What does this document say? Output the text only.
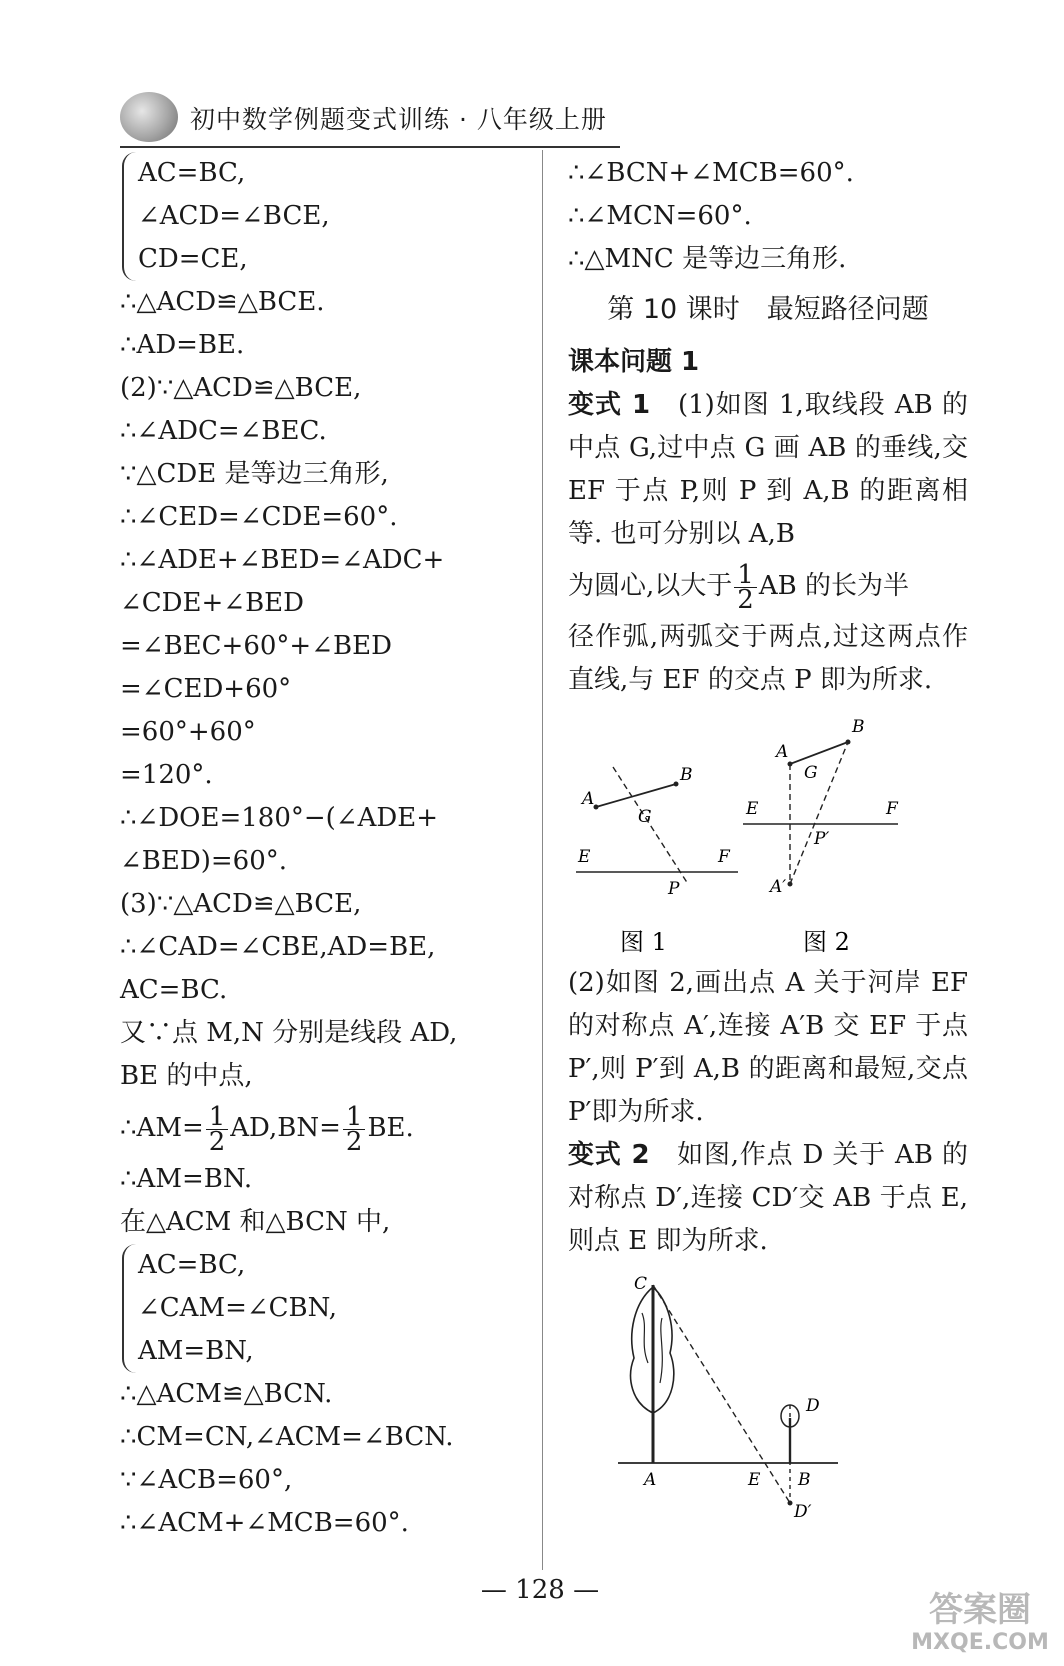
初中数学例题变式训练 · 八年级上册
AC=BC,
∠ACD=∠BCE,
CD=CE,
∴△ACD≌△BCE.
∴AD=BE.
(2)∵△ACD≌△BCE,
∴∠ADC=∠BEC.
∵△CDE 是等边三角形,
∴∠CED=∠CDE=60°.
∴∠ADE+∠BED=∠ADC+
∠CDE+∠BED
=∠BEC+60°+∠BED
=∠CED+60°
=60°+60°
=120°.
∴∠DOE=180°−(∠ADE+
∠BED)=60°.
(3)∵△ACD≌△BCE,
∴∠CAD=∠CBE,AD=BE,
AC=BC.
又∵点 M,N 分别是线段 AD,
BE 的中点,
∴AM= $\frac{1}{2} AD,BN= \frac{1}{2}$ BE.
∴AM=BN.
在△ACM 和△BCN 中,
AC=BC,
∠CAM=∠CBN,
AM=BN,
∴△ACM≌△BCN.
∴CM=CN,∠ACM=∠BCN.
∵∠ACB=60°,
∴∠ACM+∠MCB=60°.
∴∠BCN+∠MCB=60°.
∴∠MCN=60°.
∴△MNC 是等边三角形.
第 10 课时　最短路径问题
课本问题 1
变式 1　(1)如图 1,取线段 AB 的中点 G,过中点 G 画 AB 的垂线,交 EF 于点 P,则 P 到 A,B 的距离相等. 也可分别以 A,B
为圆心,以大于 $\frac{1}{2}$ AB 的长为半
径作弧,两弧交于两点,过这两点作直线,与 EF 的交点 P 即为所求.
A
B
G
E	F
P
图 1
A
B
G
E	F
P′
A′
图 2
(2)如图 2,画出点 A 关于河岸 EF 的对称点 A′,连接 A′B 交 EF 于点 P′,则 P′到 A,B 的距离和最短,交点 P′即为所求.
变式 2　如图,作点 D 关于 AB 的对称点 D′,连接 CD′交 AB 于点 E,则点 E 即为所求.
C
D
A	E B
D′
— 128 —	答案圈
MXQE.COM
